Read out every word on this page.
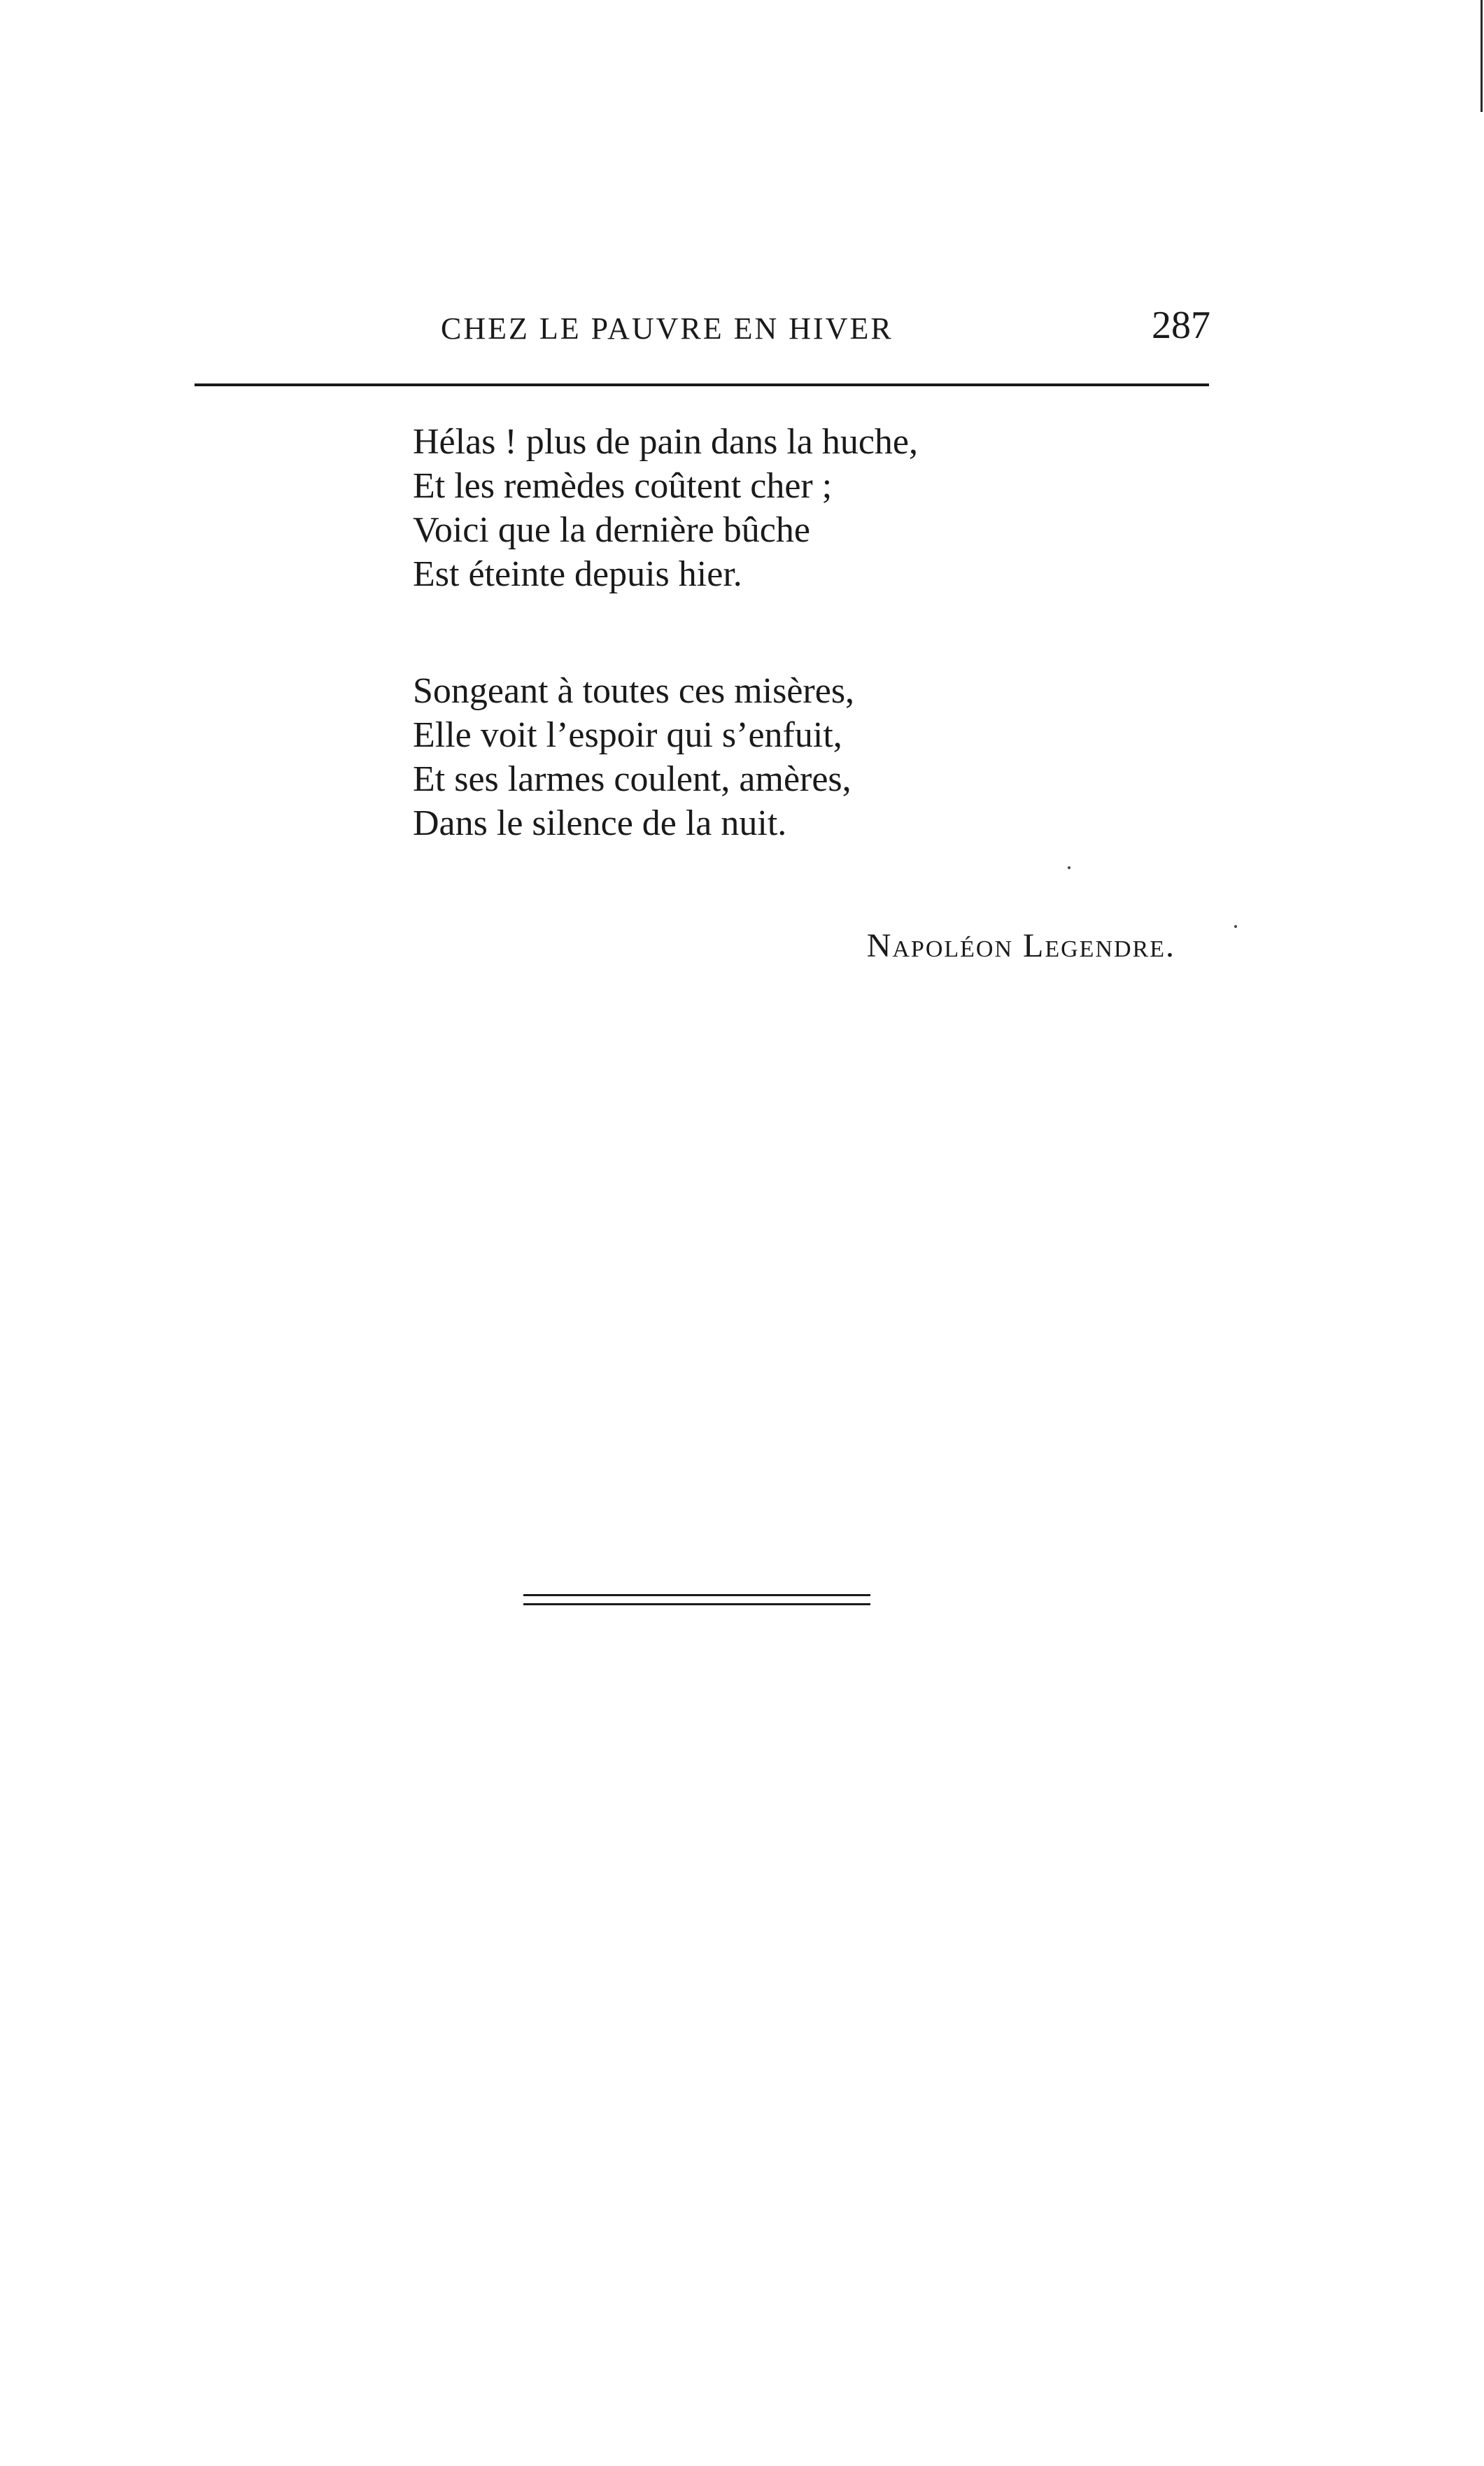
CHEZ LE PAUVRE EN HIVER	287
Hélas ! plus de pain dans la huche,
Et les remèdes coûtent cher ;
Voici que la dernière bûche
Est éteinte depuis hier.
Songeant à toutes ces misères,
Elle voit l’espoir qui s’enfuit,
Et ses larmes coulent, amères,
Dans le silence de la nuit.
Napoléon Legendre.
